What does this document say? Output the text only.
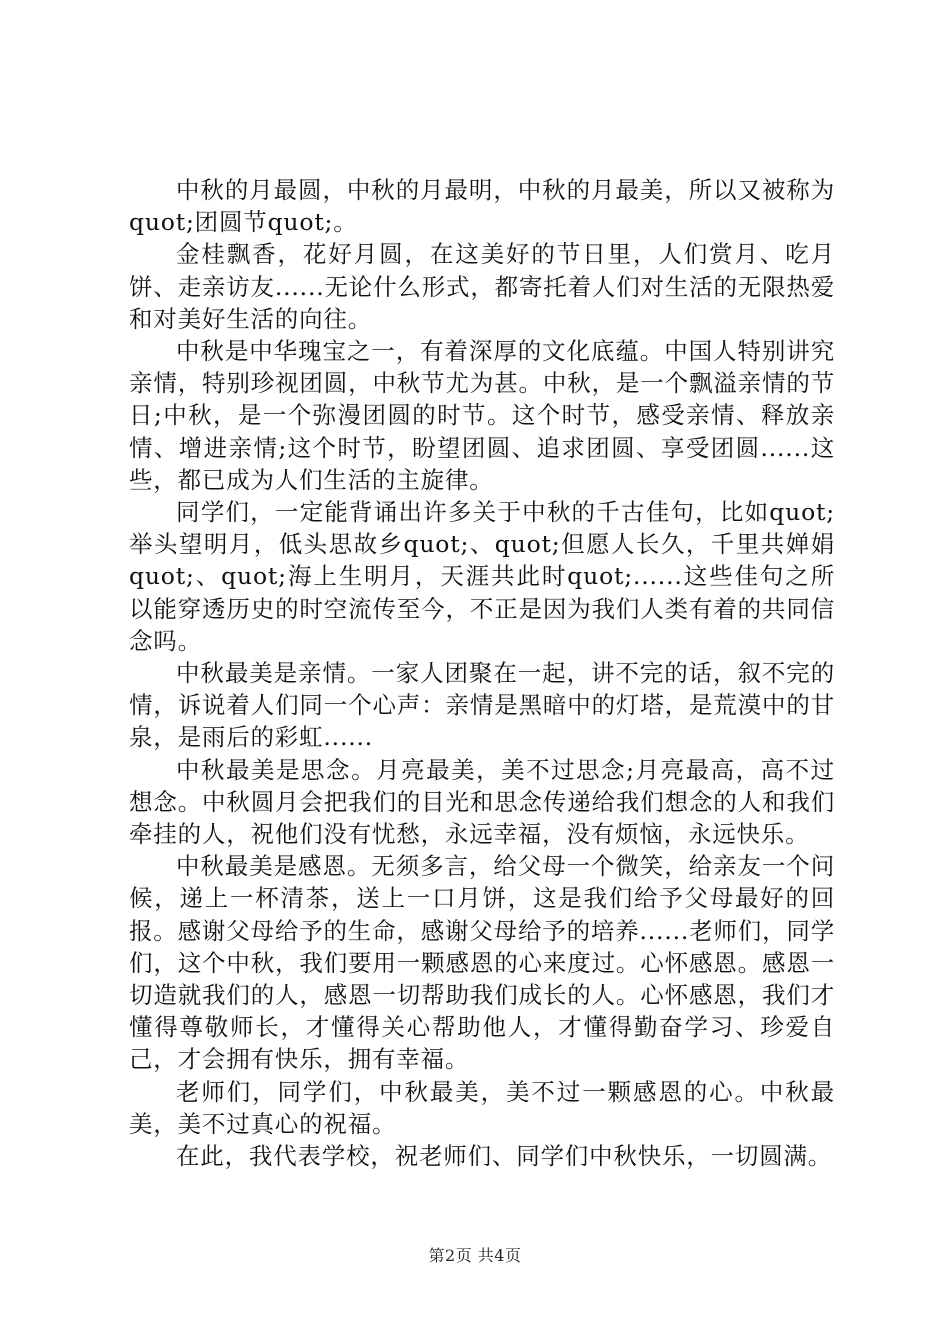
中秋的月最圆，中秋的月最明，中秋的月最美，所以又被称为quot;团圆节quot;。

金桂飘香，花好月圆，在这美好的节日里，人们赏月、吃月饼、走亲访友......无论什么形式，都寄托着人们对生活的无限热爱和对美好生活的向往。

中秋是中华瑰宝之一，有着深厚的文化底蕴。中国人特别讲究亲情，特别珍视团圆，中秋节尤为甚。中秋，是一个飘溢亲情的节日;中秋，是一个弥漫团圆的时节。这个时节，感受亲情、释放亲情、增进亲情;这个时节，盼望团圆、追求团圆、享受团圆......这些，都已成为人们生活的主旋律。

同学们，一定能背诵出许多关于中秋的千古佳句，比如quot;举头望明月，低头思故乡quot;、quot;但愿人长久，千里共婵娟quot;、quot;海上生明月，天涯共此时quot;......这些佳句之所以能穿透历史的时空流传至今，不正是因为我们人类有着的共同信念吗。

中秋最美是亲情。一家人团聚在一起，讲不完的话，叙不完的情，诉说着人们同一个心声：亲情是黑暗中的灯塔，是荒漠中的甘泉，是雨后的彩虹......

中秋最美是思念。月亮最美，美不过思念;月亮最高，高不过想念。中秋圆月会把我们的目光和思念传递给我们想念的人和我们牵挂的人，祝他们没有忧愁，永远幸福，没有烦恼，永远快乐。

中秋最美是感恩。无须多言，给父母一个微笑，给亲友一个问候，递上一杯清茶，送上一口月饼，这是我们给予父母最好的回报。感谢父母给予的生命，感谢父母给予的培养......老师们，同学们，这个中秋，我们要用一颗感恩的心来度过。心怀感恩。感恩一切造就我们的人，感恩一切帮助我们成长的人。心怀感恩，我们才懂得尊敬师长，才懂得关心帮助他人，才懂得勤奋学习、珍爱自己，才会拥有快乐，拥有幸福。

老师们，同学们，中秋最美，美不过一颗感恩的心。中秋最美，美不过真心的祝福。

在此，我代表学校，祝老师们、同学们中秋快乐，一切圆满。

第2页 共4页
